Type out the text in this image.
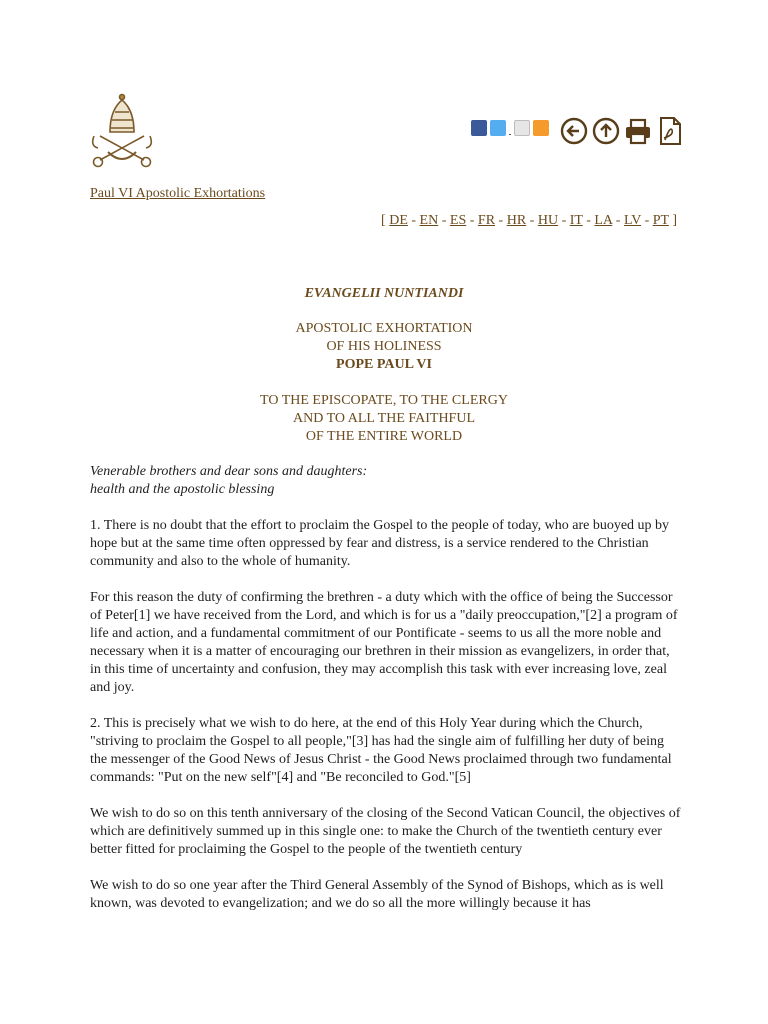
Paul VI Apostolic Exhortations
[ DE - EN - ES - FR - HR - HU - IT - LA - LV - PT ]
EVANGELII NUNTIANDI
APOSTOLIC EXHORTATION
OF HIS HOLINESS
POPE PAUL VI
TO THE EPISCOPATE, TO THE CLERGY
AND TO ALL THE FAITHFUL
OF THE ENTIRE WORLD

Venerable brothers and dear sons and daughters:
health and the apostolic blessing

1. There is no doubt that the effort to proclaim the Gospel to the people of today, who are buoyed up by hope but at the same time often oppressed by fear and distress, is a service rendered to the Christian community and also to the whole of humanity.

For this reason the duty of confirming the brethren - a duty which with the office of being the Successor of Peter[1] we have received from the Lord, and which is for us a "daily preoccupation,"[2] a program of life and action, and a fundamental commitment of our Pontificate - seems to us all the more noble and necessary when it is a matter of encouraging our brethren in their mission as evangelizers, in order that, in this time of uncertainty and confusion, they may accomplish this task with ever increasing love, zeal and joy.

2. This is precisely what we wish to do here, at the end of this Holy Year during which the Church, "striving to proclaim the Gospel to all people,"[3] has had the single aim of fulfilling her duty of being the messenger of the Good News of Jesus Christ - the Good News proclaimed through two fundamental commands: "Put on the new self"[4] and "Be reconciled to God."[5]

We wish to do so on this tenth anniversary of the closing of the Second Vatican Council, the objectives of which are definitively summed up in this single one: to make the Church of the twentieth century ever better fitted for proclaiming the Gospel to the people of the twentieth century

We wish to do so one year after the Third General Assembly of the Synod of Bishops, which as is well known, was devoted to evangelization; and we do so all the more willingly because it has
